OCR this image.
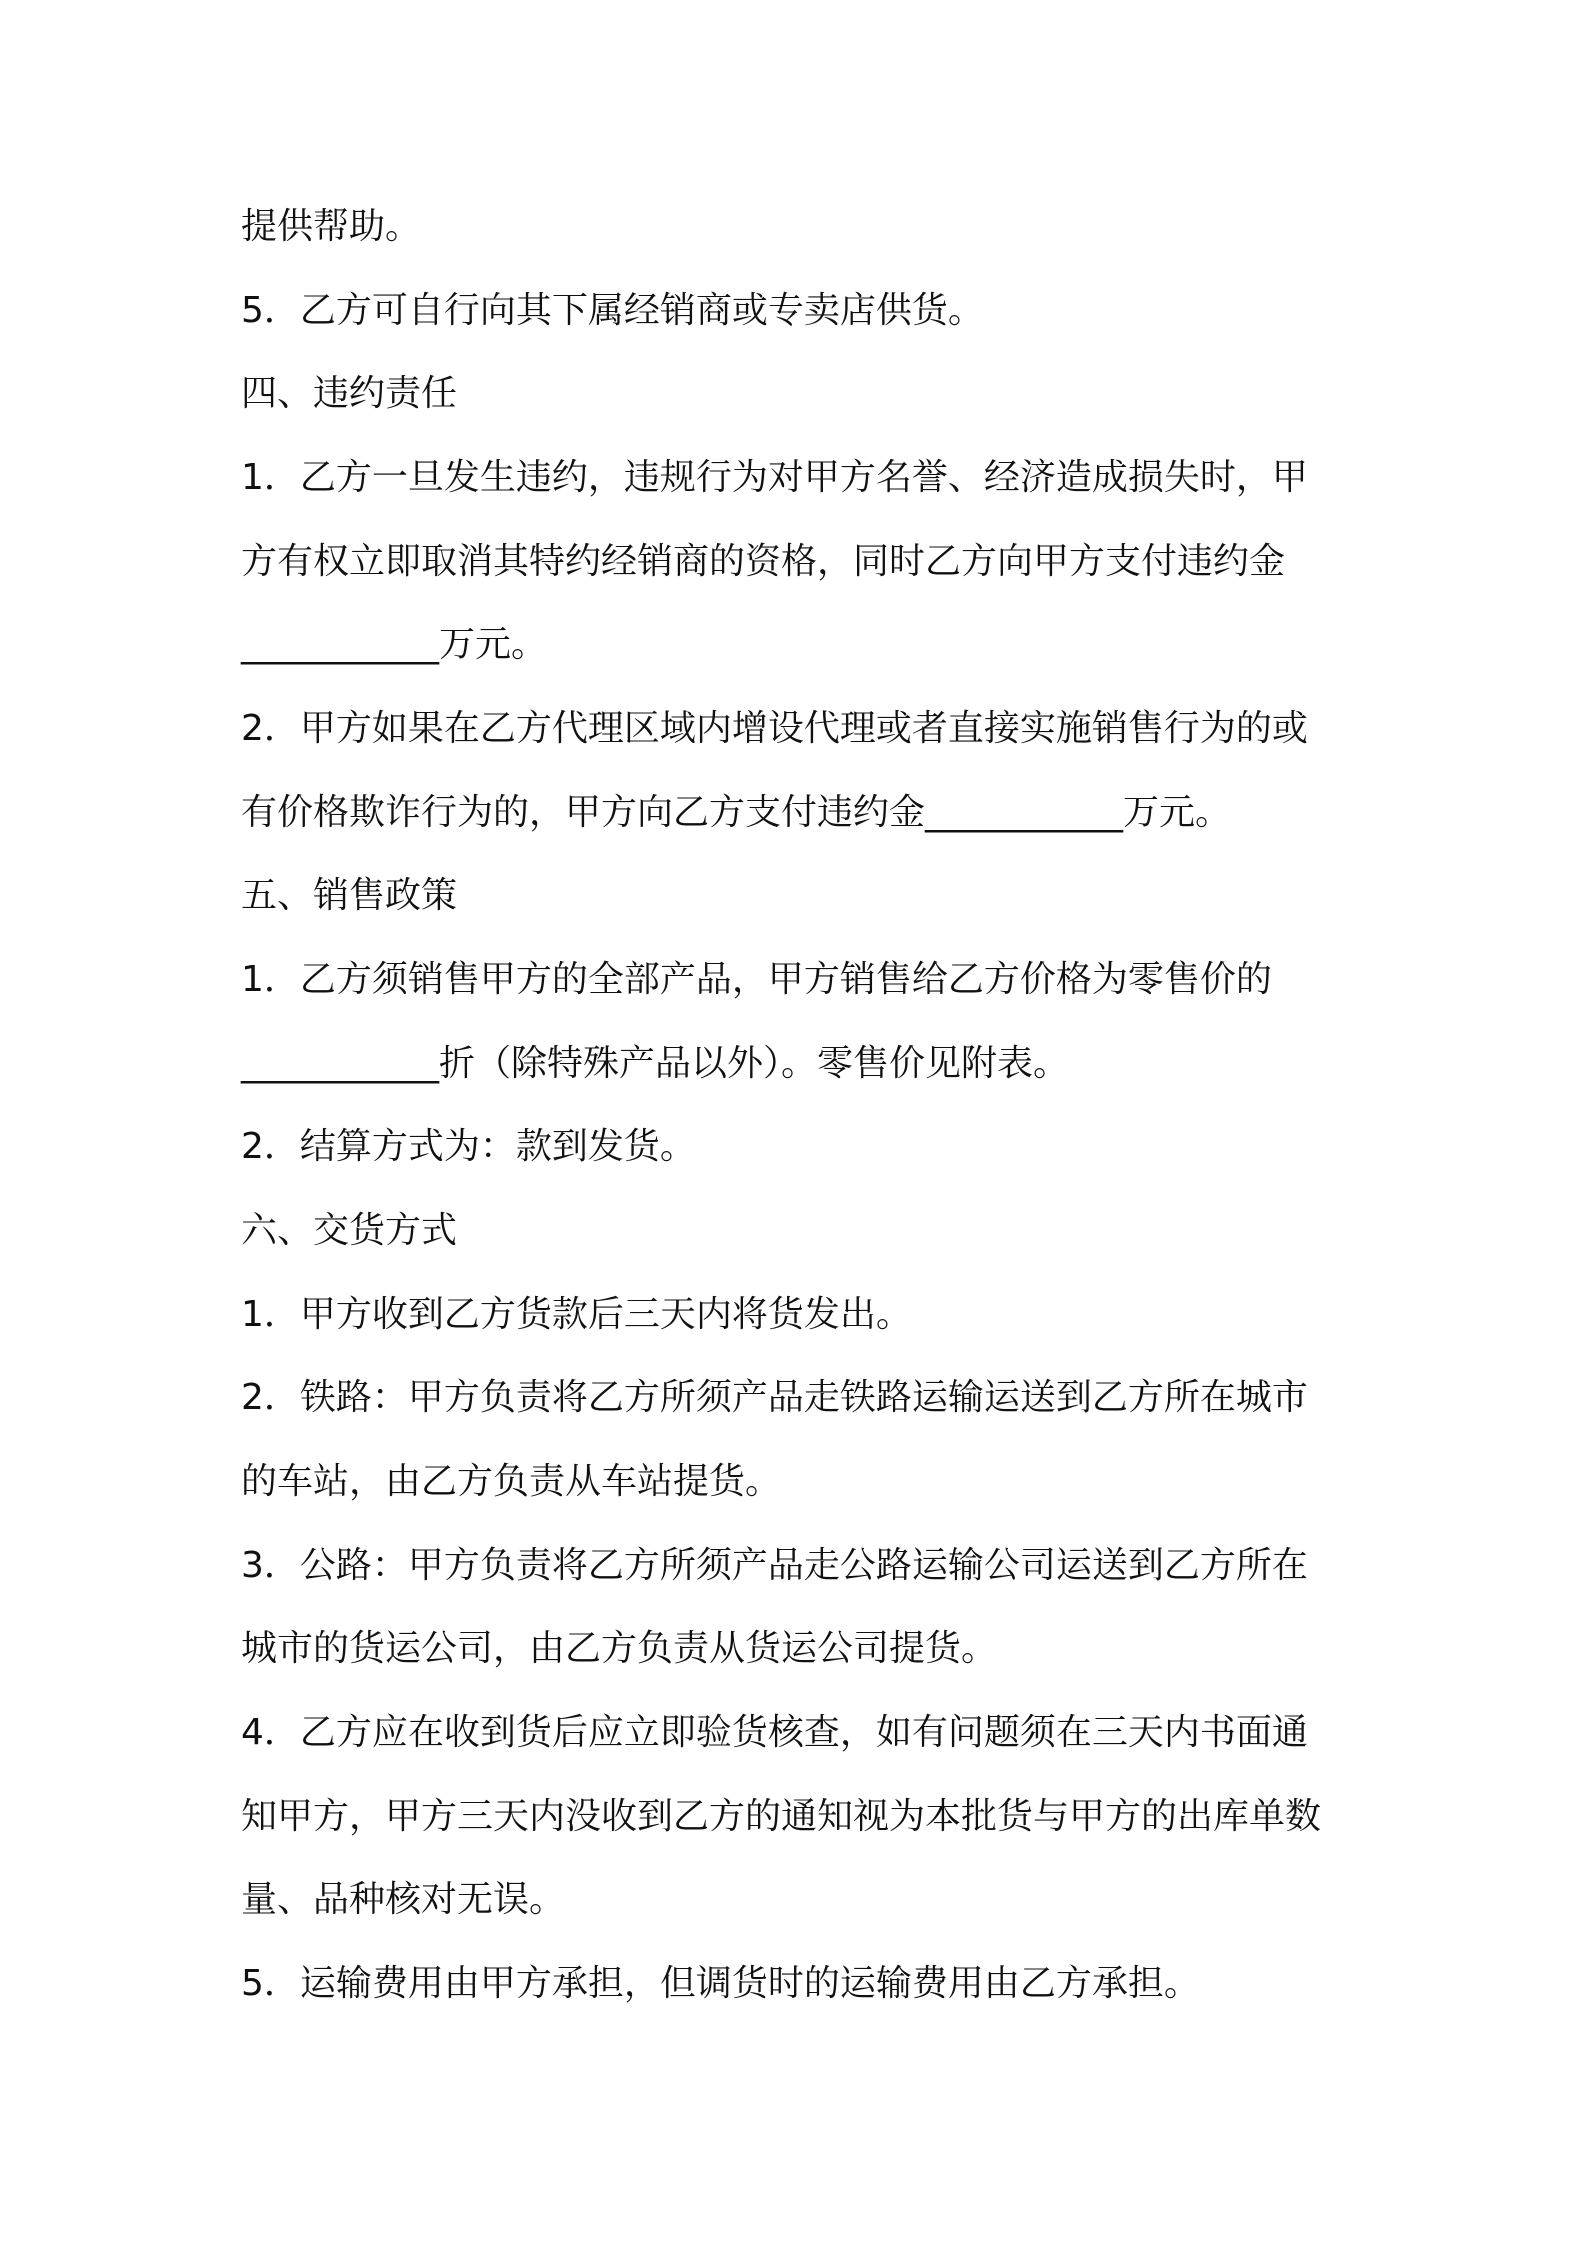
提供帮助。

5．乙方可自行向其下属经销商或专卖店供货。

四、违约责任

1．乙方一旦发生违约，违规行为对甲方名誉、经济造成损失时，甲

方有权立即取消其特约经销商的资格，同时乙方向甲方支付违约金

___________万元。

2．甲方如果在乙方代理区域内增设代理或者直接实施销售行为的或

有价格欺诈行为的，甲方向乙方支付违约金___________万元。

五、销售政策

1．乙方须销售甲方的全部产品，甲方销售给乙方价格为零售价的

___________折（除特殊产品以外）。零售价见附表。

2．结算方式为：款到发货。

六、交货方式

1．甲方收到乙方货款后三天内将货发出。

2．铁路：甲方负责将乙方所须产品走铁路运输运送到乙方所在城市

的车站，由乙方负责从车站提货。

3．公路：甲方负责将乙方所须产品走公路运输公司运送到乙方所在

城市的货运公司，由乙方负责从货运公司提货。

4．乙方应在收到货后应立即验货核查，如有问题须在三天内书面通

知甲方，甲方三天内没收到乙方的通知视为本批货与甲方的出库单数

量、品种核对无误。

5．运输费用由甲方承担，但调货时的运输费用由乙方承担。
